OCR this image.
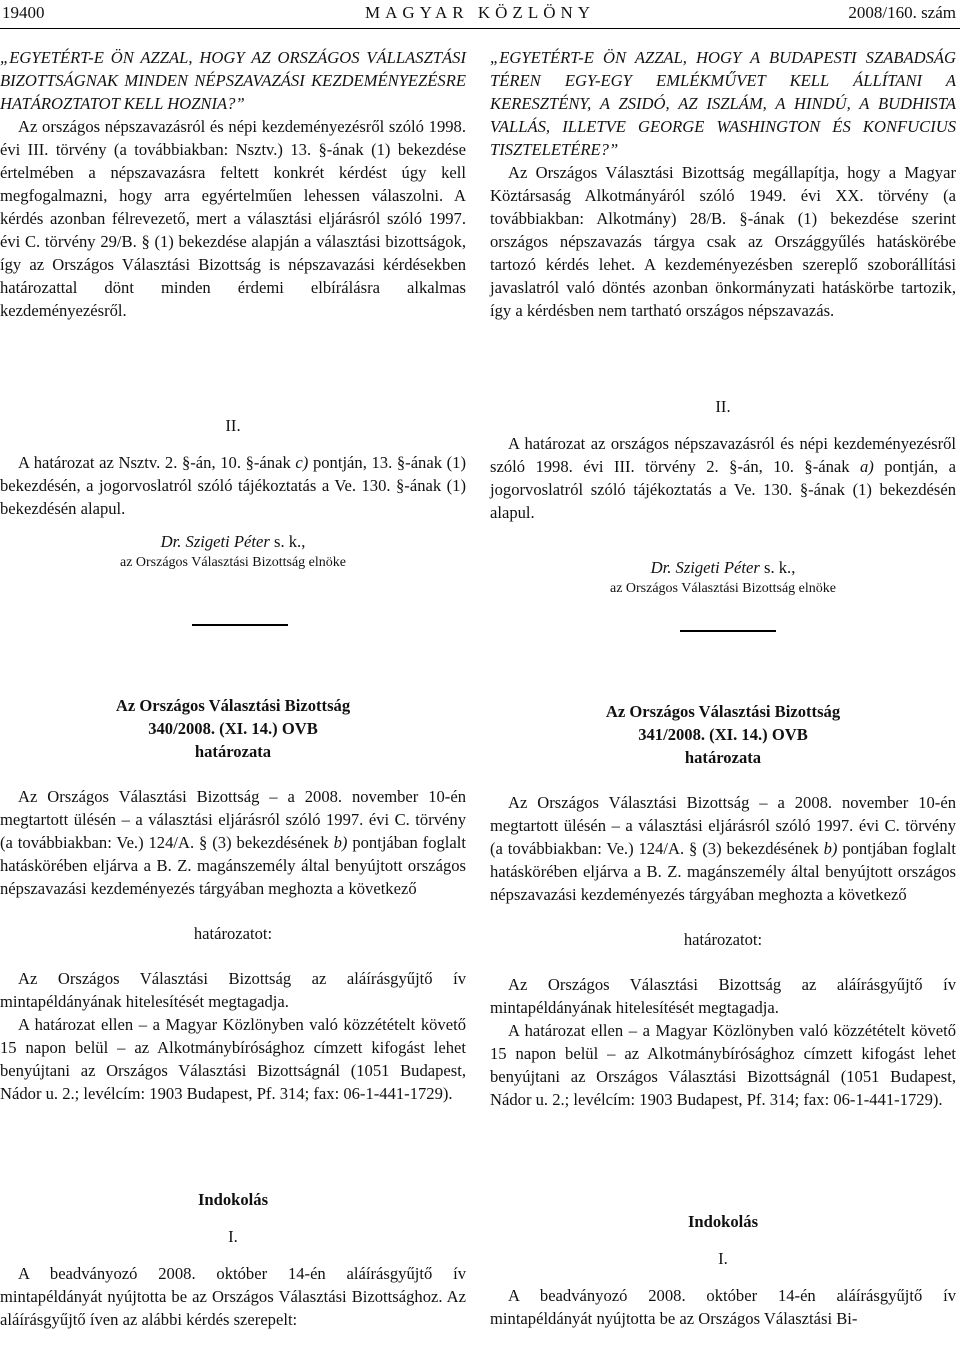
19400	MAGYAR KÖZLÖNY	2008/160. szám

„EGYETÉRT-E ÖN AZZAL, HOGY AZ ORSZÁGOS VÁLLASZTÁSI BIZOTTSÁGNAK MINDEN NÉPSZAVAZÁSI KEZDEMÉNYEZÉSRE HATÁROZTATOT KELL HOZNIA?”

Az országos népszavazásról és népi kezdeményezésről szóló 1998. évi III. törvény (a továbbiakban: Nsztv.) 13. §-ának (1) bekezdése értelmében a népszavazásra feltett konkrét kérdést úgy kell megfogalmazni, hogy arra egyértelműen lehessen válaszolni. A kérdés azonban félrevezető, mert a választási eljárásról szóló 1997. évi C. törvény 29/B. § (1) bekezdése alapján a választási bizottságok, így az Országos Választási Bizottság is népszavazási kérdésekben határozattal dönt minden érdemi elbírálásra alkalmas kezdeményezésről.

II.

A határozat az Nsztv. 2. §-án, 10. §-ának c) pontján, 13. §-ának (1) bekezdésén, a jogorvoslatról szóló tájékoztatás a Ve. 130. §-ának (1) bekezdésén alapul.

Dr. Szigeti Péter s. k.,
az Országos Választási Bizottság elnöke

Az Országos Választási Bizottság

340/2008. (XI. 14.) OVB

határozata

Az Országos Választási Bizottság – a 2008. november 10-én megtartott ülésén – a választási eljárásról szóló 1997. évi C. törvény (a továbbiakban: Ve.) 124/A. § (3) bekezdésének b) pontjában foglalt hatáskörében eljárva a B. Z. magánszemély által benyújtott országos népszavazási kezdeményezés tárgyában meghozta a következő

határozatot:

Az Országos Választási Bizottság az aláírásgyűjtő ív mintapéldányának hitelesítését megtagadja.

A határozat ellen – a Magyar Közlönyben való közzétételt követő 15 napon belül – az Alkotmánybírósághoz címzett kifogást lehet benyújtani az Országos Választási Bizottságnál (1051 Budapest, Nádor u. 2.; levélcím: 1903 Budapest, Pf. 314; fax: 06-1-441-1729).

Indokolás

I.

A beadványozó 2008. október 14-én aláírásgyűjtő ív mintapéldányát nyújtotta be az Országos Választási Bizottsághoz. Az aláírásgyűjtő íven az alábbi kérdés szerepelt:

„EGYETÉRT-E ÖN AZZAL, HOGY A BUDAPESTI SZABADSÁG TÉREN EGY-EGY EMLÉKMŰVET KELL ÁLLÍTANI A KERESZTÉNY, A ZSIDÓ, AZ ISZLÁM, A HINDÚ, A BUDHISTA VALLÁS, ILLETVE GEORGE WASHINGTON ÉS KONFUCIUS TISZTELETÉRE?”

Az Országos Választási Bizottság megállapítja, hogy a Magyar Köztársaság Alkotmányáról szóló 1949. évi XX. törvény (a továbbiakban: Alkotmány) 28/B. §-ának (1) bekezdése szerint országos népszavazás tárgya csak az Országgyűlés hatáskörébe tartozó kérdés lehet. A kezdeményezésben szereplő szoborállítási javaslatról való döntés azonban önkormányzati hatáskörbe tartozik, így a kérdésben nem tartható országos népszavazás.

II.

A határozat az országos népszavazásról és népi kezdeményezésről szóló 1998. évi III. törvény 2. §-án, 10. §-ának a) pontján, a jogorvoslatról szóló tájékoztatás a Ve. 130. §-ának (1) bekezdésén alapul.

Dr. Szigeti Péter s. k.,
az Országos Választási Bizottság elnöke

Az Országos Választási Bizottság

341/2008. (XI. 14.) OVB

határozata

Az Országos Választási Bizottság – a 2008. november 10-én megtartott ülésén – a választási eljárásról szóló 1997. évi C. törvény (a továbbiakban: Ve.) 124/A. § (3) bekezdésének b) pontjában foglalt hatáskörében eljárva a B. Z. magánszemély által benyújtott országos népszavazási kezdeményezés tárgyában meghozta a következő

határozatot:

Az Országos Választási Bizottság az aláírásgyűjtő ív mintapéldányának hitelesítését megtagadja.

A határozat ellen – a Magyar Közlönyben való közzétételt követő 15 napon belül – az Alkotmánybírósághoz címzett kifogást lehet benyújtani az Országos Választási Bizottságnál (1051 Budapest, Nádor u. 2.; levélcím: 1903 Budapest, Pf. 314; fax: 06-1-441-1729).

Indokolás

I.

A beadványozó 2008. október 14-én aláírásgyűjtő ív mintapéldányát nyújtotta be az Országos Választási Bi-
